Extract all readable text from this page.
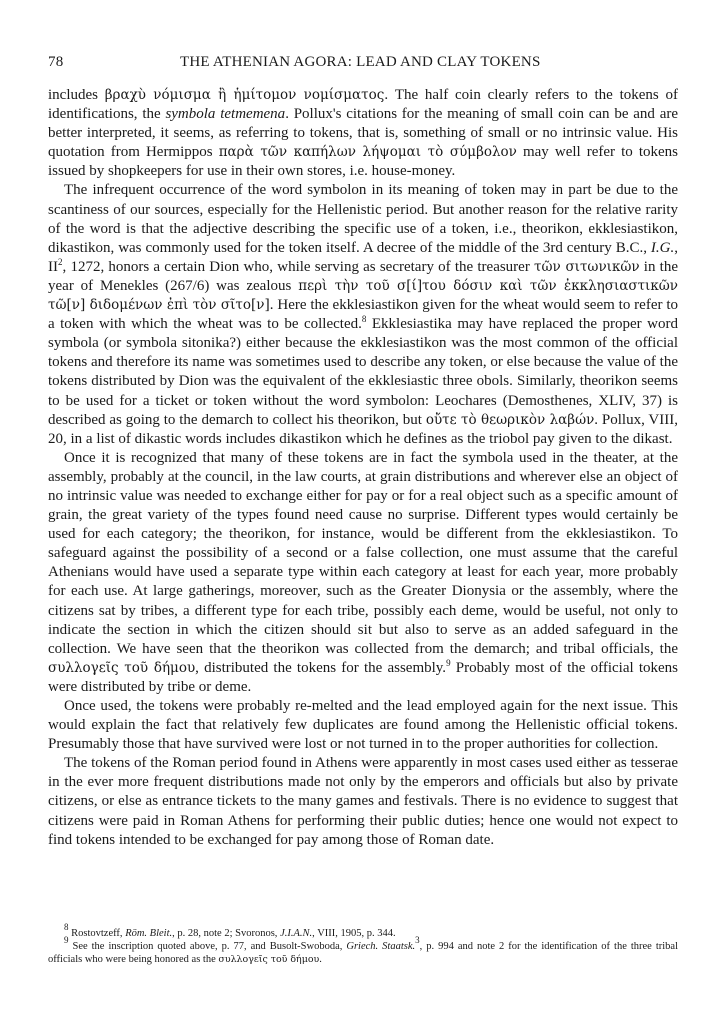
78	THE ATHENIAN AGORA: LEAD AND CLAY TOKENS

includes βραχὺ νόμισμα ἢ ἡμίτομον νομίσματος. The half coin clearly refers to the tokens of identifications, the symbola tetmemena. Pollux's citations for the meaning of small coin can be and are better interpreted, it seems, as referring to tokens, that is, something of small or no intrinsic value. His quotation from Hermippos παρὰ τῶν καπήλων λήψομαι τὸ σύμβολον may well refer to tokens issued by shopkeepers for use in their own stores, i.e. house-money.

The infrequent occurrence of the word symbolon in its meaning of token may in part be due to the scantiness of our sources, especially for the Hellenistic period. But another reason for the relative rarity of the word is that the adjective describing the specific use of a token, i.e., theorikon, ekklesiastikon, dikastikon, was commonly used for the token itself. A decree of the middle of the 3rd century B.C., I.G., $II^2$, 1272, honors a certain Dion who, while serving as secretary of the treasurer τῶν σιτωνικῶν in the year of Menekles (267/6) was zealous περὶ τὴν τοῦ σ[ί]του δόσιν καὶ τῶν ἐκκλησιαστικῶν τῶ[ν] διδομένων ἐπὶ τὸν σῖτο[ν]. Here the ekklesiastikon given for the wheat would seem to refer to a token with which the wheat was to be collected.$^8$ Ekklesiastika may have replaced the proper word symbola (or symbola sitonika?) either because the ekklesiastikon was the most common of the official tokens and therefore its name was sometimes used to describe any token, or else because the value of the tokens distributed by Dion was the equivalent of the ekklesiastic three obols. Similarly, theorikon seems to be used for a ticket or token without the word symbolon: Leochares (Demosthenes, XLIV, 37) is described as going to the demarch to collect his theorikon, but οὔτε τὸ θεωρικὸν λαβών. Pollux, VIII, 20, in a list of dikastic words includes dikastikon which he defines as the triobol pay given to the dikast.

Once it is recognized that many of these tokens are in fact the symbola used in the theater, at the assembly, probably at the council, in the law courts, at grain distributions and wherever else an object of no intrinsic value was needed to exchange either for pay or for a real object such as a specific amount of grain, the great variety of the types found need cause no surprise. Different types would certainly be used for each category; the theorikon, for instance, would be different from the ekklesiastikon. To safeguard against the possibility of a second or a false collection, one must assume that the careful Athenians would have used a separate type within each category at least for each year, more probably for each use. At large gatherings, moreover, such as the Greater Dionysia or the assembly, where the citizens sat by tribes, a different type for each tribe, possibly each deme, would be useful, not only to indicate the section in which the citizen should sit but also to serve as an added safeguard in the collection. We have seen that the theorikon was collected from the demarch; and tribal officials, the συλλογεῖς τοῦ δήμου, distributed the tokens for the assembly.$^9$ Probably most of the official tokens were distributed by tribe or deme.

Once used, the tokens were probably re-melted and the lead employed again for the next issue. This would explain the fact that relatively few duplicates are found among the Hellenistic official tokens. Presumably those that have survived were lost or not turned in to the proper authorities for collection.

The tokens of the Roman period found in Athens were apparently in most cases used either as tesserae in the ever more frequent distributions made not only by the emperors and officials but also by private citizens, or else as entrance tickets to the many games and festivals. There is no evidence to suggest that citizens were paid in Roman Athens for performing their public duties; hence one would not expect to find tokens intended to be exchanged for pay among those of Roman date.

$^8$ Rostovtzeff, Röm. Bleit., p. 28, note 2; Svoronos, J.I.A.N., VIII, 1905, p. 344.

$^9$ See the inscription quoted above, p. 77, and Busolt-Swoboda, Griech. Staatsk.$^3$, p. 994 and note 2 for the identification of the three tribal officials who were being honored as the συλλογεῖς τοῦ δήμου.
